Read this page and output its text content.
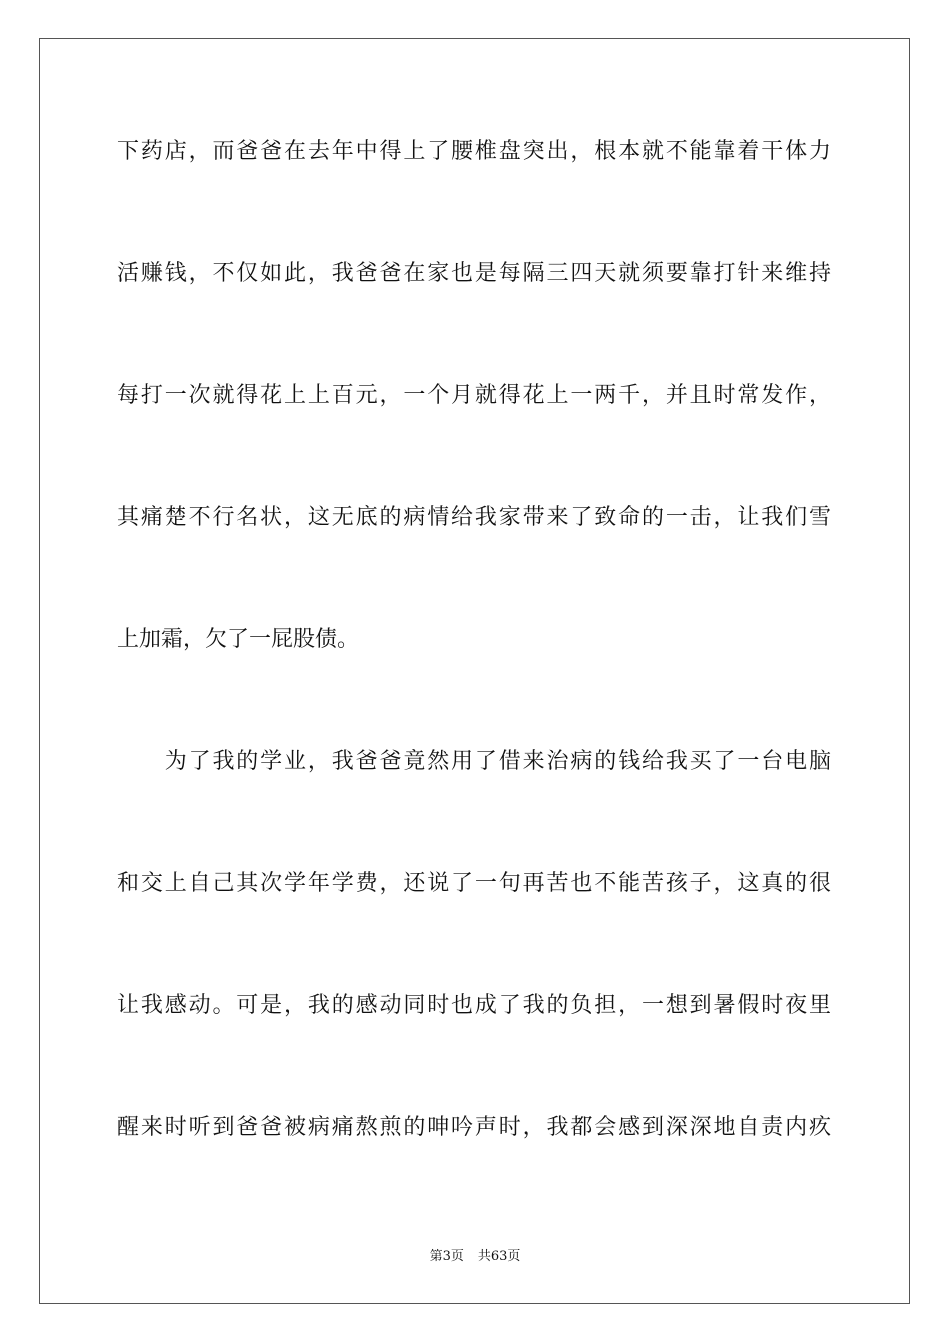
下药店，而爸爸在去年中得上了腰椎盘突出，根本就不能靠着干体力
活赚钱，不仅如此，我爸爸在家也是每隔三四天就须要靠打针来维持
每打一次就得花上上百元，一个月就得花上一两千，并且时常发作，
其痛楚不行名状，这无底的病情给我家带来了致命的一击，让我们雪
上加霜，欠了一屁股债。
　　为了我的学业，我爸爸竟然用了借来治病的钱给我买了一台电脑
和交上自己其次学年学费，还说了一句再苦也不能苦孩子，这真的很
让我感动。可是，我的感动同时也成了我的负担，一想到暑假时夜里
醒来时听到爸爸被病痛熬煎的呻吟声时，我都会感到深深地自责内疚
第3页 共63页
